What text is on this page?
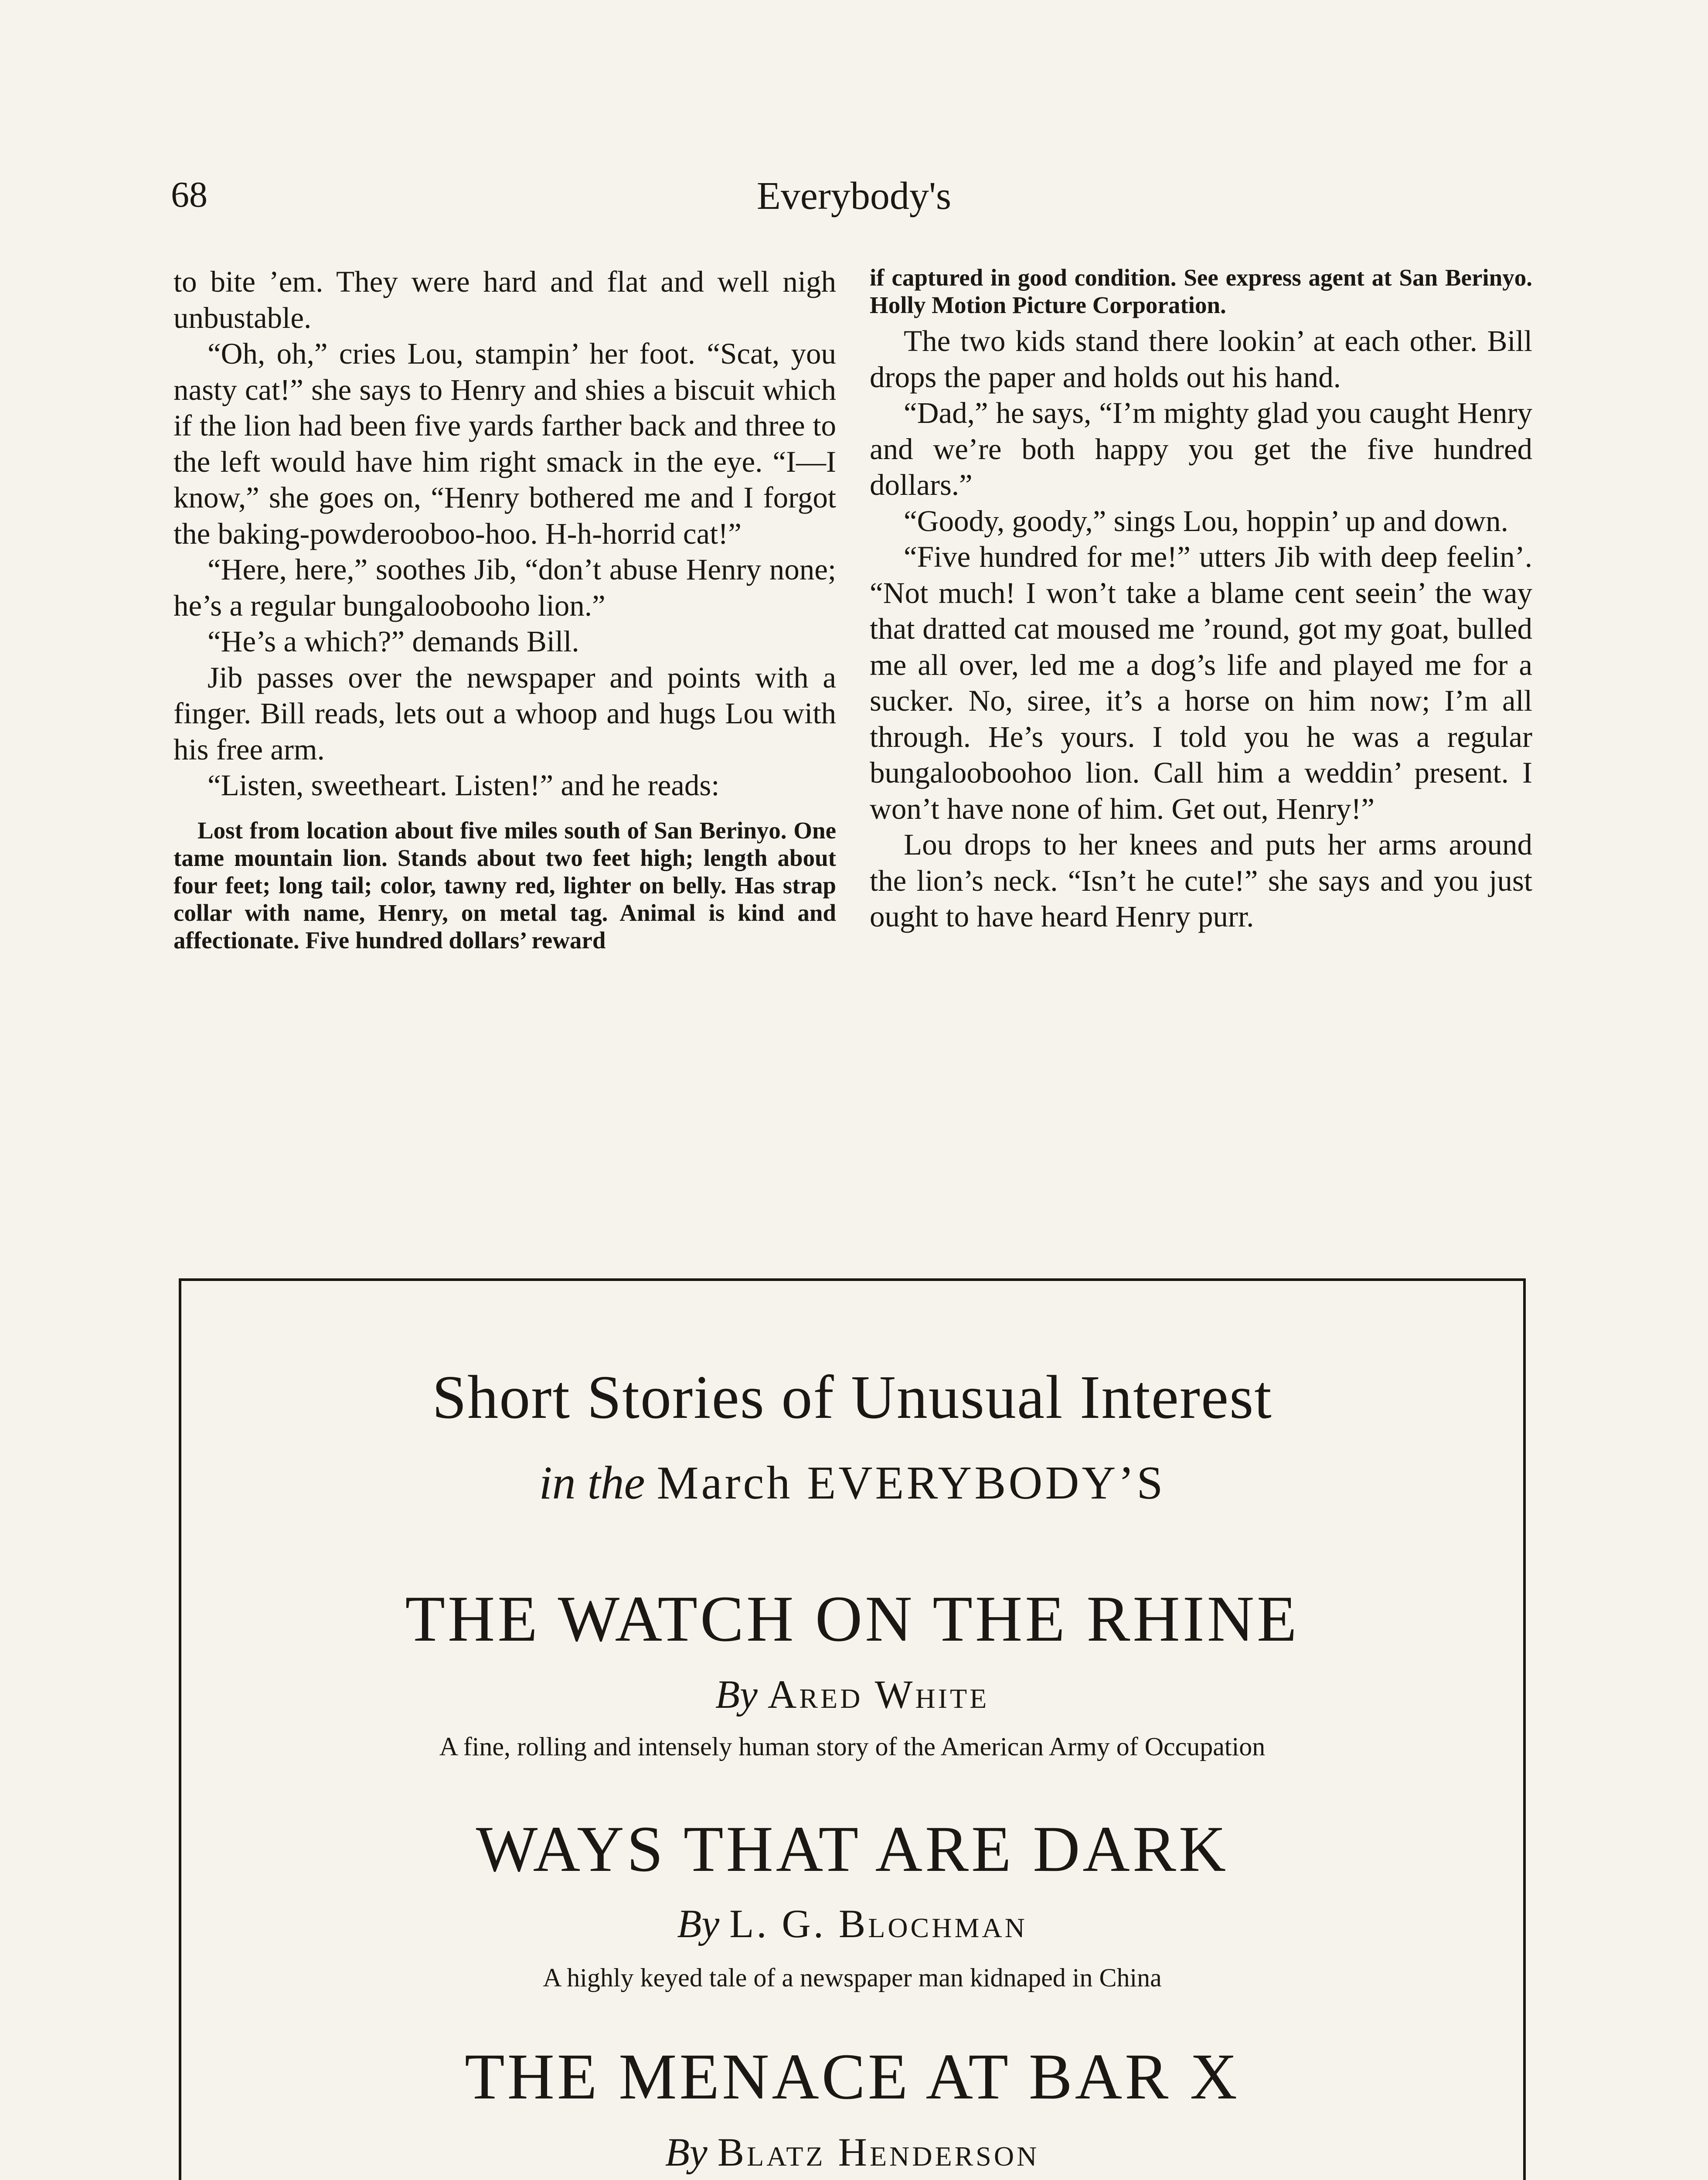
68	Everybody's

to bite ’em. They were hard and flat and well nigh unbustable.

“Oh, oh,” cries Lou, stampin’ her foot. “Scat, you nasty cat!” she says to Henry and shies a biscuit which if the lion had been five yards farther back and three to the left would have him right smack in the eye. “I—I know,” she goes on, “Henry bothered me and I forgot the baking-powderooboo-hoo. H-h-horrid cat!”

“Here, here,” soothes Jib, “don’t abuse Henry none; he’s a regular bungaloobooho lion.”

“He’s a which?” demands Bill.

Jib passes over the newspaper and points with a finger. Bill reads, lets out a whoop and hugs Lou with his free arm.

“Listen, sweetheart. Listen!” and he reads:

Lost from location about five miles south of San Berinyo. One tame mountain lion. Stands about two feet high; length about four feet; long tail; color, tawny red, lighter on belly. Has strap collar with name, Henry, on metal tag. Animal is kind and affectionate. Five hundred dollars’ reward

if captured in good condition. See express agent at San Berinyo. Holly Motion Picture Corporation.

The two kids stand there lookin’ at each other. Bill drops the paper and holds out his hand.

“Dad,” he says, “I’m mighty glad you caught Henry and we’re both happy you get the five hundred dollars.”

“Goody, goody,” sings Lou, hoppin’ up and down.

“Five hundred for me!” utters Jib with deep feelin’. “Not much! I won’t take a blame cent seein’ the way that dratted cat moused me ’round, got my goat, bulled me all over, led me a dog’s life and played me for a sucker. No, siree, it’s a horse on him now; I’m all through. He’s yours. I told you he was a regular bungalooboohoo lion. Call him a weddin’ present. I won’t have none of him. Get out, Henry!”

Lou drops to her knees and puts her arms around the lion’s neck. “Isn’t he cute!” she says and you just ought to have heard Henry purr.

Short Stories of Unusual Interest
in the March EVERYBODY’S
THE WATCH ON THE RHINE
By Ared White
A fine, rolling and intensely human story of the American Army of Occupation
WAYS THAT ARE DARK
By L. G. Blochman
A highly keyed tale of a newspaper man kidnaped in China
THE MENACE AT BAR X
By Blatz Henderson
